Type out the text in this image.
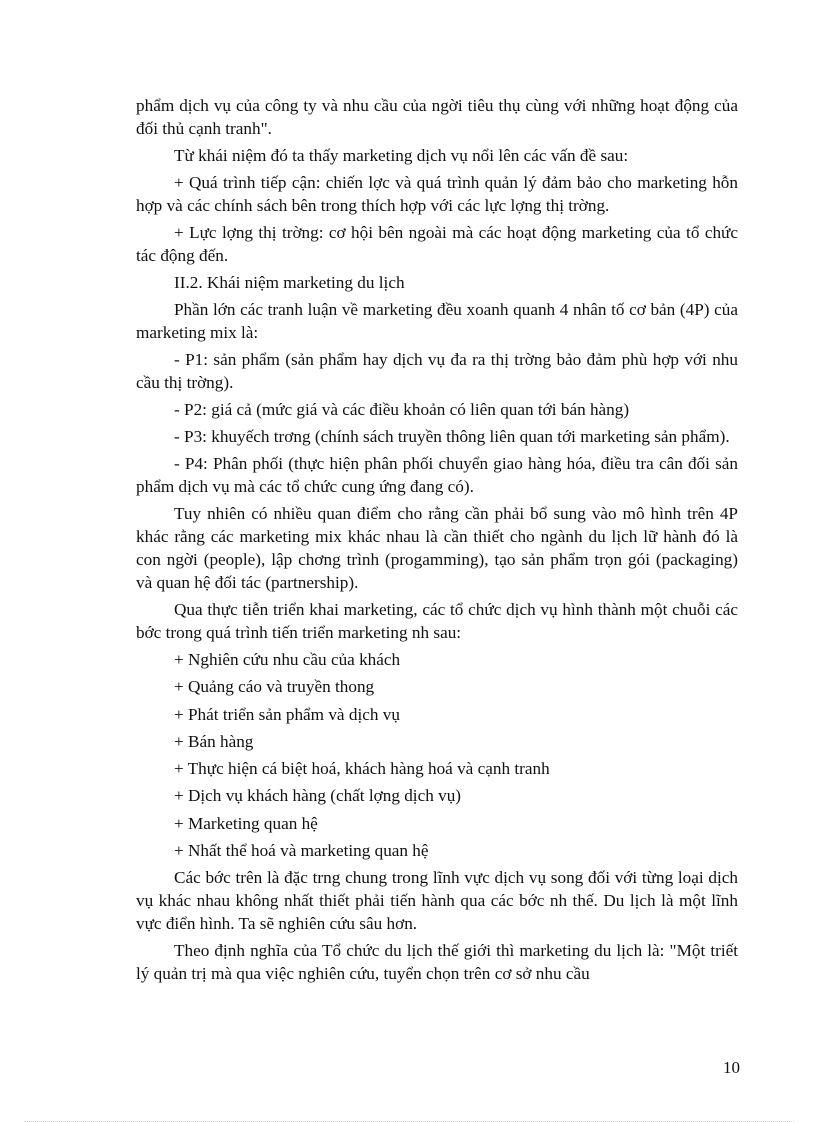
phẩm dịch vụ của công ty và nhu cầu của ngời tiêu thụ cùng với những hoạt động của đối thủ cạnh tranh".

Từ khái niệm đó ta thấy marketing dịch vụ nổi lên các vấn đề sau:

+ Quá trình tiếp cận: chiến lợc và quá trình quản lý đảm bảo cho marketing hỗn hợp và các chính sách bên trong thích hợp với các lực lợng thị trờng.

+ Lực lợng thị trờng: cơ hội bên ngoài mà các hoạt động marketing của tổ chức tác động đến.

II.2. Khái niệm marketing du lịch

Phần lớn các tranh luận về marketing đều xoanh quanh 4 nhân tố cơ bản (4P) của marketing mix là:

- P1: sản phẩm (sản phẩm hay dịch vụ đa ra thị trờng bảo đảm phù hợp với nhu cầu thị trờng).

- P2: giá cả (mức giá và các điều khoản có liên quan tới bán hàng)

- P3: khuyếch trơng (chính sách truyền thông liên quan tới marketing sản phẩm).

- P4: Phân phối (thực hiện phân phối chuyển giao hàng hóa, điều tra cân đối sản phẩm dịch vụ mà các tổ chức cung ứng đang có).

Tuy nhiên có nhiều quan điểm cho rằng cần phải bổ sung vào mô hình trên 4P khác rằng các marketing mix khác nhau là cần thiết cho ngành du lịch lữ hành đó là con ngời (people), lập chơng trình (progamming), tạo sản phẩm trọn gói (packaging) và quan hệ đối tác (partnership).

Qua thực tiễn triển khai marketing, các tổ chức dịch vụ hình thành một chuỗi các bớc trong quá trình tiến triển marketing nh sau:

+ Nghiên cứu nhu cầu của khách

+ Quảng cáo và truyền thong

+ Phát triển sản phẩm và dịch vụ

+ Bán hàng

+ Thực hiện cá biệt hoá, khách hàng hoá và cạnh tranh

+ Dịch vụ khách hàng (chất lợng dịch vụ)

+ Marketing quan hệ

+ Nhất thể hoá và marketing quan hệ

Các bớc trên là đặc trng chung trong lĩnh vực dịch vụ song đối với từng loại dịch vụ khác nhau không nhất thiết phải tiến hành qua các bớc nh thế. Du lịch là một lĩnh vực điển hình. Ta sẽ nghiên cứu sâu hơn.

Theo định nghĩa của Tổ chức du lịch thế giới thì marketing du lịch là: "Một triết lý quản trị mà qua việc nghiên cứu, tuyển chọn trên cơ sở nhu cầu

10
